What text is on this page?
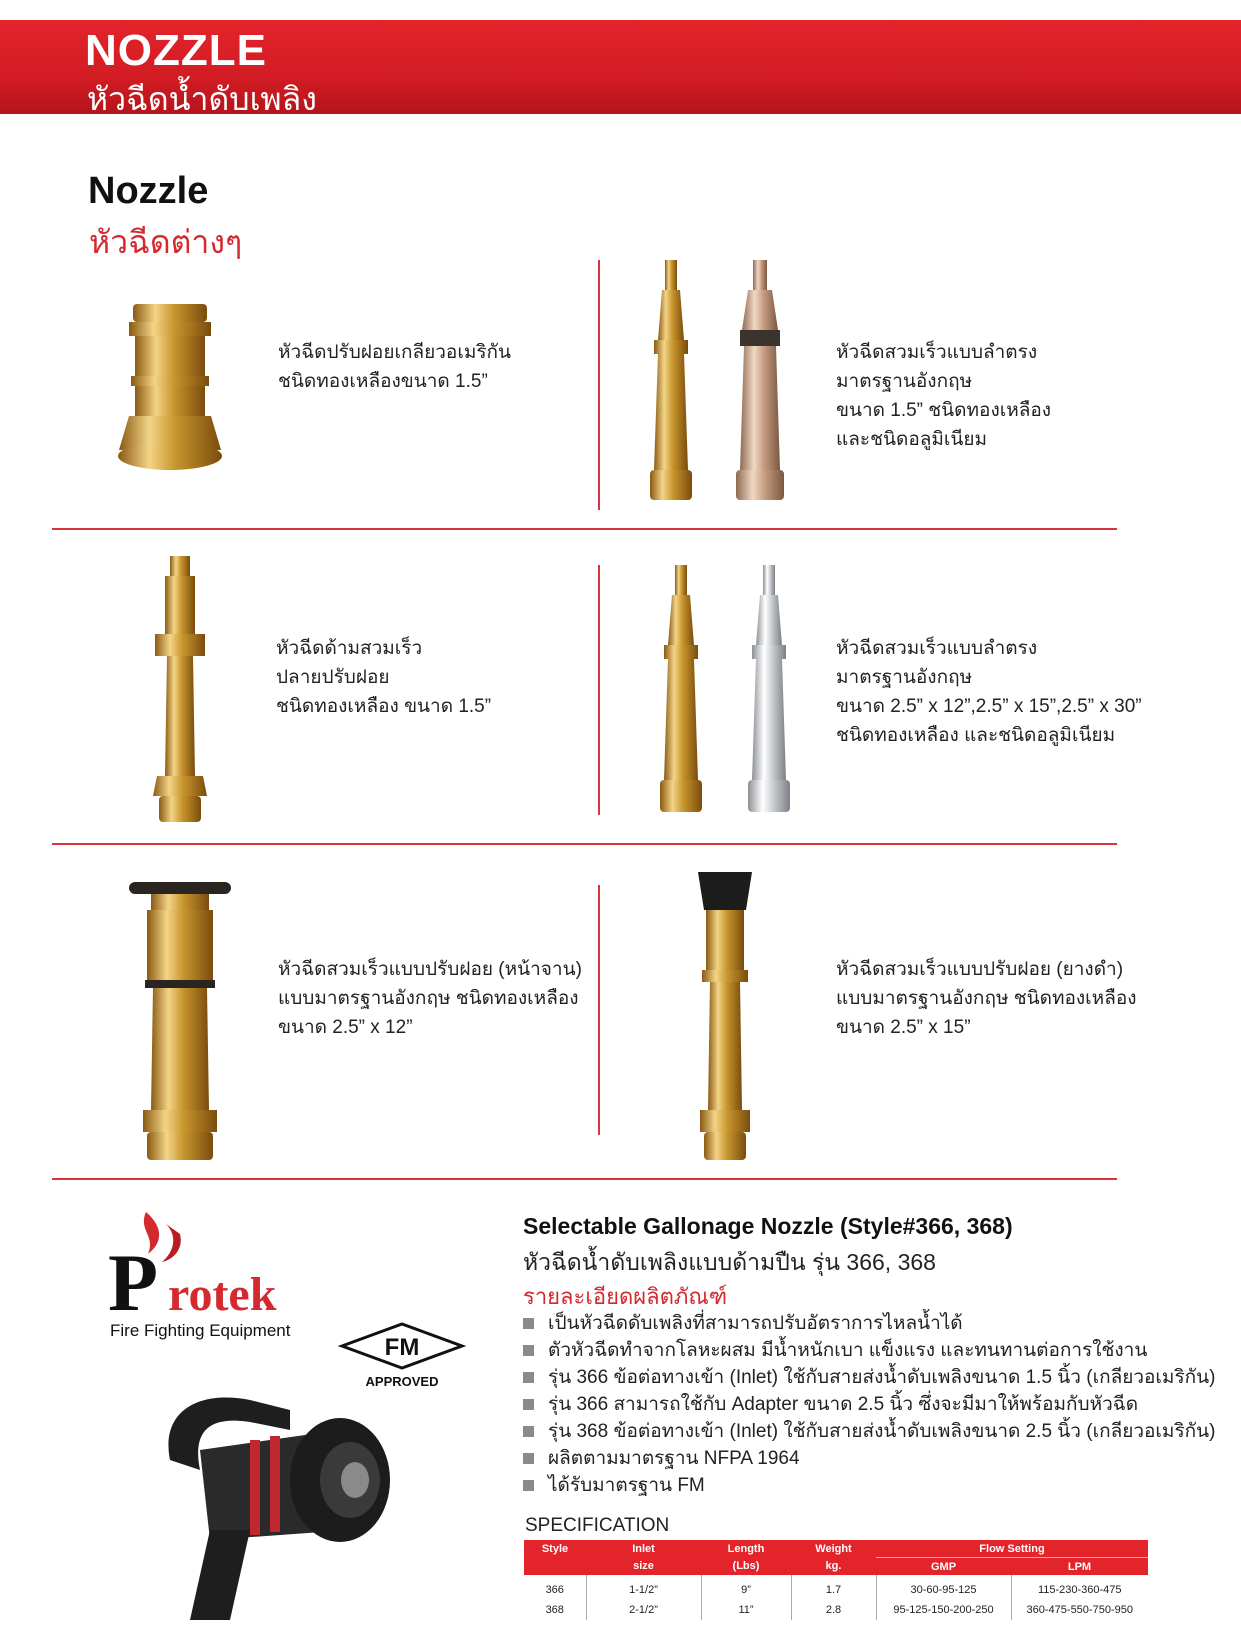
NOZZLE
หัวฉีดน้ำดับเพลิง
Nozzle
หัวฉีดต่างๆ
หัวฉีดปรับฝอยเกลียวอเมริกัน
ชนิดทองเหลืองขนาด 1.5”
หัวฉีดสวมเร็วแบบลำตรง
มาตรฐานอังกฤษ
ขนาด 1.5” ชนิดทองเหลือง
และชนิดอลูมิเนียม
หัวฉีดด้ามสวมเร็ว
ปลายปรับฝอย
ชนิดทองเหลือง ขนาด 1.5”
หัวฉีดสวมเร็วแบบลำตรง
มาตรฐานอังกฤษ
ขนาด 2.5” x 12”,2.5” x 15”,2.5” x 30”
ชนิดทองเหลือง และชนิดอลูมิเนียม
หัวฉีดสวมเร็วแบบปรับฝอย (หน้าจาน)
แบบมาตรฐานอังกฤษ ชนิดทองเหลือง
ขนาด 2.5” x 12”
หัวฉีดสวมเร็วแบบปรับฝอย (ยางดำ)
แบบมาตรฐานอังกฤษ ชนิดทองเหลือง
ขนาด 2.5” x 15”
P rotek
Fire Fighting Equipment
FM
APPROVED
Selectable Gallonage Nozzle (Style#366, 368)
หัวฉีดน้ำดับเพลิงแบบด้ามปืน รุ่น 366, 368
รายละเอียดผลิตภัณฑ์
เป็นหัวฉีดดับเพลิงที่สามารถปรับอัตราการไหลน้ำได้
ตัวหัวฉีดทำจากโลหะผสม มีน้ำหนักเบา แข็งแรง และทนทานต่อการใช้งาน
รุ่น 366 ข้อต่อทางเข้า (Inlet) ใช้กับสายส่งน้ำดับเพลิงขนาด 1.5 นิ้ว (เกลียวอเมริกัน)
รุ่น 366 สามารถใช้กับ Adapter ขนาด 2.5 นิ้ว ซึ่งจะมีมาให้พร้อมกับหัวฉีด
รุ่น 368 ข้อต่อทางเข้า (Inlet) ใช้กับสายส่งน้ำดับเพลิงขนาด 2.5 นิ้ว (เกลียวอเมริกัน)
ผลิตตามมาตรฐาน NFPA 1964
ได้รับมาตรฐาน FM
SPECIFICATION
Style	Inlet	Length	Weight	Flow Setting	
	size	(Lbs)	kg.	GMP	LPM
366	1-1/2”	9”	1.7	30-60-95-125	115-230-360-475
368	2-1/2”	11”	2.8	95-125-150-200-250	360-475-550-750-950
